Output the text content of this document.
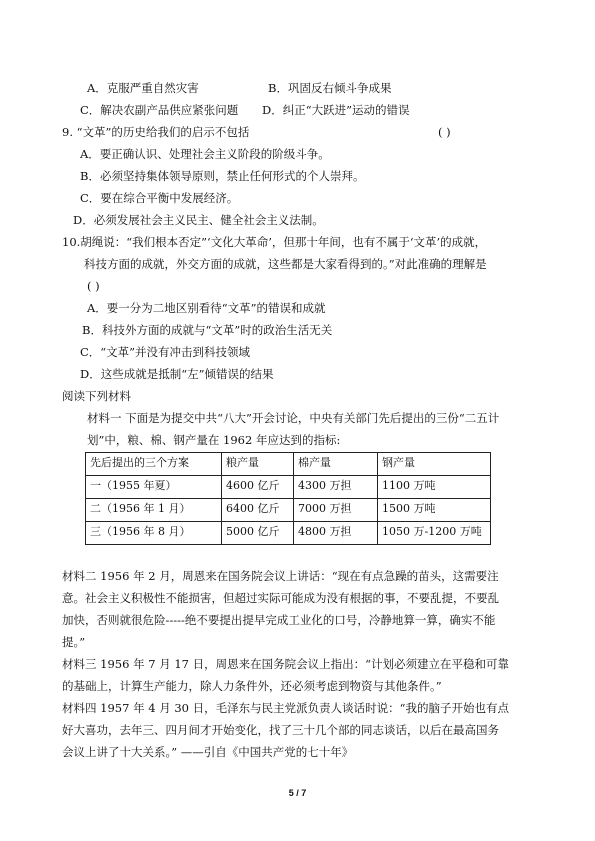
A．克服严重自然灾害	B．巩固反右倾斗争成果
C．解决农副产品供应紧张问题 D．纠正“大跃进”运动的错误
9. “文革”的历史给我们的启示不包括	( )
A．要正确认识、处理社会主义阶段的阶级斗争。
B．必须坚持集体领导原则，禁止任何形式的个人崇拜。
C．要在综合平衡中发展经济。
D．必须发展社会主义民主、健全社会主义法制。
10.胡绳说：“我们根本否定”‘文化大革命’，但那十年间，也有不属于‘文革’的成就，
科技方面的成就，外交方面的成就，这些都是大家看得到的。”对此准确的理解是
( )
A．要一分为二地区别看待“文革”的错误和成就
B．科技外方面的成就与“文革”时的政治生活无关
C．“文革”并没有冲击到科技领域
D．这些成就是抵制“左”倾错误的结果
阅读下列材料
材料一 下面是为提交中共“八大”开会讨论，中央有关部门先后提出的三份“二五计
划”中，粮、棉、钢产量在 1962 年应达到的指标:
先后提出的三个方案	粮产量	棉产量	钢产量
一（1955 年夏）	4600 亿斤	4300 万担	1100 万吨
二（1956 年 1 月）	6400 亿斤	7000 万担	1500 万吨
三（1956 年 8 月）	5000 亿斤	4800 万担	1050 万-1200 万吨
材料二 1956 年 2 月，周恩来在国务院会议上讲话：“现在有点急躁的苗头，这需要注
意。社会主义积极性不能损害，但超过实际可能成为没有根据的事，不要乱提，不要乱
加快，否则就很危险-----绝不要提出提早完成工业化的口号，冷静地算一算，确实不能
提。”
材料三 1956 年 7 月 17 日，周恩来在国务院会议上指出：“计划必须建立在平稳和可靠
的基础上，计算生产能力，除人力条件外，还必须考虑到物资与其他条件。”
材料四 1957 年 4 月 30 日，毛泽东与民主党派负责人谈话时说：“我的脑子开始也有点
好大喜功，去年三、四月间才开始变化，找了三十几个部的同志谈话，以后在最高国务
会议上讲了十大关系。” ——引自《中国共产党的七十年》
5 / 7
